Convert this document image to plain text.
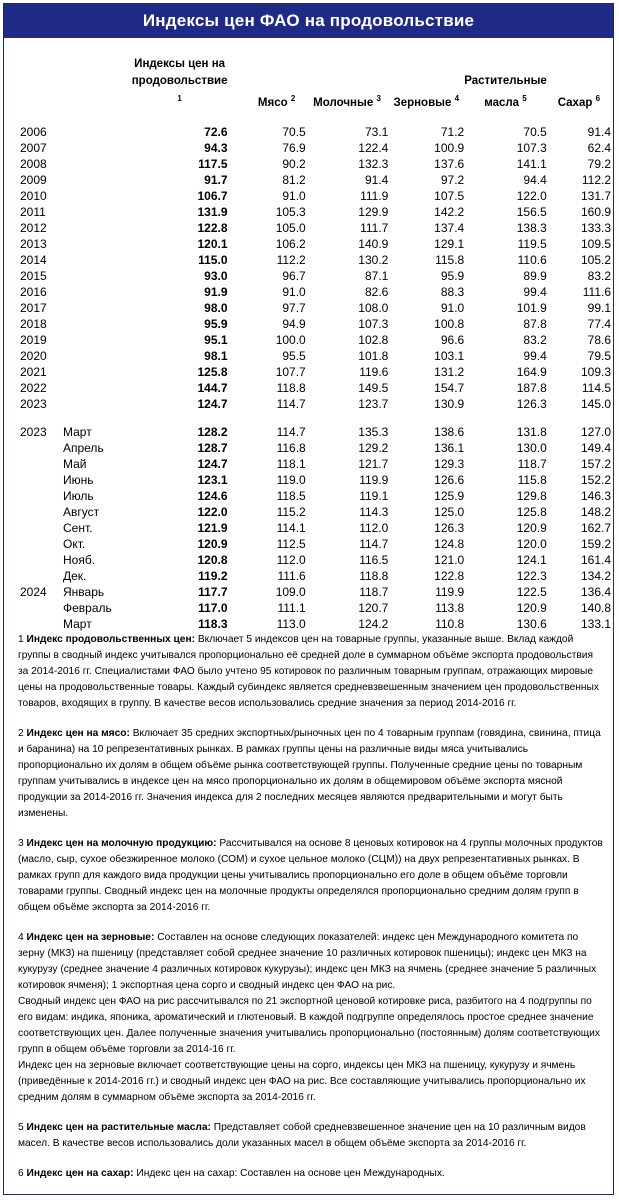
Индексы цен ФАО на продовольствие
		Индексы цен на продовольствие $^1$	Мясо $^2$	Молочные $^3$	Зерновые $^4$	Растительные масла $^5$	Сахар $^6$

2006		72.6	70.5	73.1	71.2	70.5	91.4
2007		94.3	76.9	122.4	100.9	107.3	62.4
2008		117.5	90.2	132.3	137.6	141.1	79.2
2009		91.7	81.2	91.4	97.2	94.4	112.2
2010		106.7	91.0	111.9	107.5	122.0	131.7
2011		131.9	105.3	129.9	142.2	156.5	160.9
2012		122.8	105.0	111.7	137.4	138.3	133.3
2013		120.1	106.2	140.9	129.1	119.5	109.5
2014		115.0	112.2	130.2	115.8	110.6	105.2
2015		93.0	96.7	87.1	95.9	89.9	83.2
2016		91.9	91.0	82.6	88.3	99.4	111.6
2017		98.0	97.7	108.0	91.0	101.9	99.1
2018		95.9	94.9	107.3	100.8	87.8	77.4
2019		95.1	100.0	102.8	96.6	83.2	78.6
2020		98.1	95.5	101.8	103.1	99.4	79.5
2021		125.8	107.7	119.6	131.2	164.9	109.3
2022		144.7	118.8	149.5	154.7	187.8	114.5
2023		124.7	114.7	123.7	130.9	126.3	145.0

2023	Март	128.2	114.7	135.3	138.6	131.8	127.0
	Апрель	128.7	116.8	129.2	136.1	130.0	149.4
	Май	124.7	118.1	121.7	129.3	118.7	157.2
	Июнь	123.1	119.0	119.9	126.6	115.8	152.2
	Июль	124.6	118.5	119.1	125.9	129.8	146.3
	Август	122.0	115.2	114.3	125.0	125.8	148.2
	Сент.	121.9	114.1	112.0	126.3	120.9	162.7
	Окт.	120.9	112.5	114.7	124.8	120.0	159.2
	Нояб.	120.8	112.0	116.5	121.0	124.1	161.4
	Дек.	119.2	111.6	118.8	122.8	122.3	134.2
2024	Январь	117.7	109.0	118.7	119.9	122.5	136.4
	Февраль	117.0	111.1	120.7	113.8	120.9	140.8
	Март	118.3	113.0	124.2	110.8	130.6	133.1

1 Индекс продовольственных цен: Включает 5 индексов цен на товарные группы, указанные выше. Вклад каждой группы в сводный индекс учитывался пропорционально её средней доле в суммарном объёме экспорта продовольствия за 2014-2016 гг. Специалистами ФАО было учтено 95 котировок по различным товарным группам, отражающих мировые цены на продовольственные товары. Каждый субиндекс является средневзвешенным значением цен продовольственных товаров, входящих в группу. В качестве весов использовались средние значения за период 2014-2016 гг.

2 Индекс цен на мясо: Включает 35 средних экспортных/рыночных цен по 4 товарным группам (говядина, свинина, птица и баранина) на 10 репрезентативных рынках. В рамках группы цены на различные виды мяса учитывались пропорционально их долям в общем объёме рынка соответствующей группы. Полученные средние цены по товарным группам учитывались в индексе цен на мясо пропорционально их долям в общемировом объёме экспорта мясной продукции за 2014-2016 гг. Значения индекса для 2 последних месяцев являются предварительными и могут быть изменены.

3 Индекс цен на молочную продукцию: Рассчитывался на основе 8 ценовых котировок на 4 группы молочных продуктов (масло, сыр, сухое обезжиренное молоко (СОМ) и сухое цельное молоко (СЦМ)) на двух репрезентативных рынках. В рамках групп для каждого вида продукции цены учитывались пропорционально его доле в общем объёме торговли товарами группы. Сводный индекс цен на молочные продукты определялся пропорционально средним долям групп в общем объёме экспорта за 2014-2016 гг.

4 Индекс цен на зерновые: Составлен на основе следующих показателей: индекс цен Международного комитета по зерну (МКЗ) на пшеницу (представляет собой среднее значение 10 различных котировок пшеницы); индекс цен МКЗ на кукурузу (среднее значение 4 различных котировок кукурузы); индекс цен МКЗ на ячмень (среднее значение 5 различных котировок ячменя); 1 экспортная цена сорго и сводный индекс цен ФАО на рис.
Сводный индекс цен ФАО на рис рассчитывался по 21 экспортной ценовой котировке риса, разбитого на 4 подгруппы по его видам: индика, японика, ароматический и глютеновый. В каждой подгруппе определялось простое среднее значение соответствующих цен. Далее полученные значения учитывались пропорционально (постоянным) долям соответствующих групп в общем объёме торговли за 2014-16 гг.
Индекс цен на зерновые включает соответствующие цены на сорго, индексы цен МКЗ на пшеницу, кукурузу и ячмень (приведённые к 2014-2016 гг.) и сводный индекс цен ФАО на рис. Все составляющие учитывались пропорционально их средним долям в суммарном объёме экспорта за 2014-2016 гг.

5 Индекс цен на растительные масла: Представляет собой средневзвешенное значение цен на 10 различным видов масел. В качестве весов использовались доли указанных масел в общем объёме экспорта за 2014-2016 гг.

6 Индекс цен на сахар: Индекс цен на сахар: Составлен на основе цен Международных.
